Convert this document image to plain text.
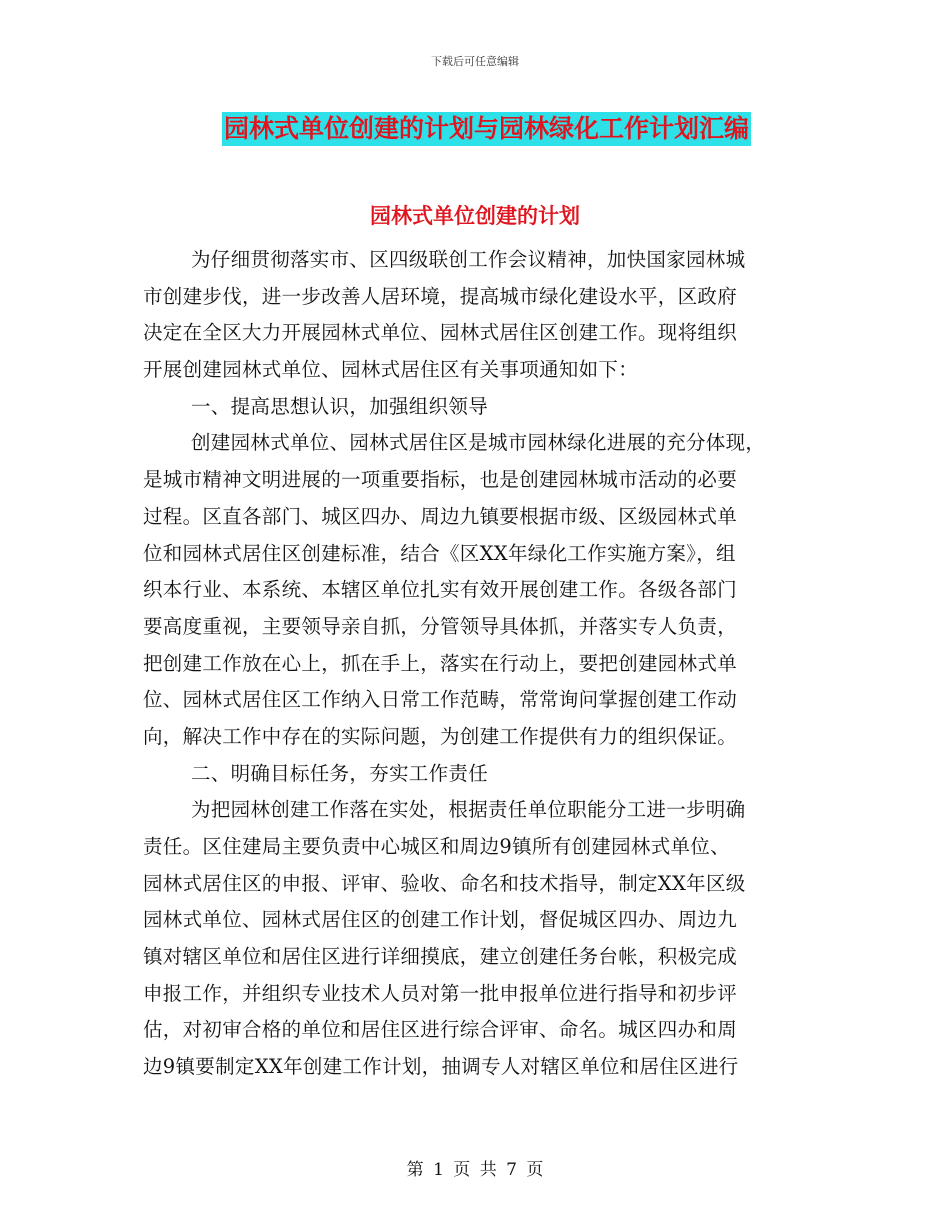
下载后可任意编辑
园林式单位创建的计划与园林绿化工作计划汇编
园林式单位创建的计划
为仔细贯彻落实市、区四级联创工作会议精神，加快国家园林城
市创建步伐，进一步改善人居环境，提高城市绿化建设水平，区政府
决定在全区大力开展园林式单位、园林式居住区创建工作。现将组织
开展创建园林式单位、园林式居住区有关事项通知如下：
一、提高思想认识，加强组织领导
创建园林式单位、园林式居住区是城市园林绿化进展的充分体现，
是城市精神文明进展的一项重要指标，也是创建园林城市活动的必要
过程。区直各部门、城区四办、周边九镇要根据市级、区级园林式单
位和园林式居住区创建标准，结合《区XX年绿化工作实施方案》，组
织本行业、本系统、本辖区单位扎实有效开展创建工作。各级各部门
要高度重视，主要领导亲自抓，分管领导具体抓，并落实专人负责，
把创建工作放在心上，抓在手上，落实在行动上，要把创建园林式单
位、园林式居住区工作纳入日常工作范畴，常常询问掌握创建工作动
向，解决工作中存在的实际问题，为创建工作提供有力的组织保证。
二、明确目标任务，夯实工作责任
为把园林创建工作落在实处，根据责任单位职能分工进一步明确
责任。区住建局主要负责中心城区和周边9镇所有创建园林式单位、
园林式居住区的申报、评审、验收、命名和技术指导，制定XX年区级
园林式单位、园林式居住区的创建工作计划，督促城区四办、周边九
镇对辖区单位和居住区进行详细摸底，建立创建任务台帐，积极完成
申报工作，并组织专业技术人员对第一批申报单位进行指导和初步评
估，对初审合格的单位和居住区进行综合评审、命名。城区四办和周
边9镇要制定XX年创建工作计划，抽调专人对辖区单位和居住区进行
第 1 页 共 7 页
